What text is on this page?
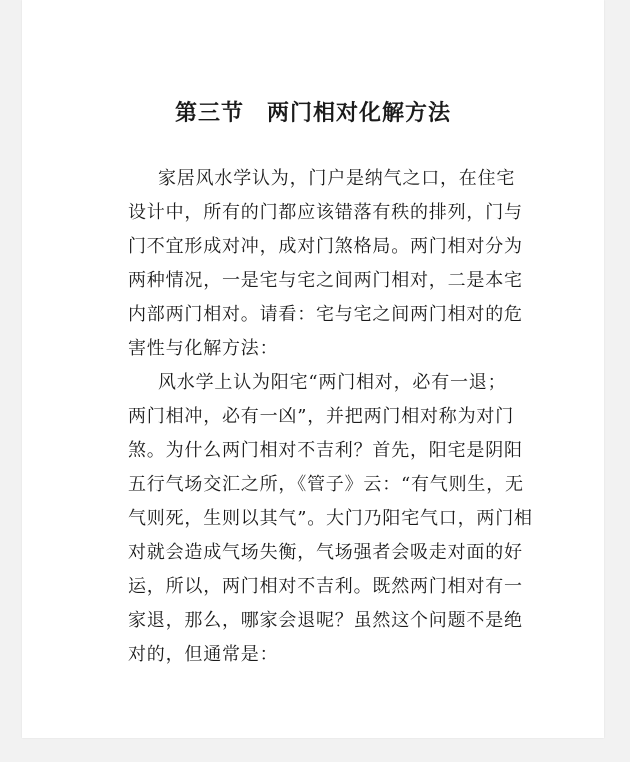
第三节　两门相对化解方法
家居风水学认为，门户是纳气之口，在住宅
设计中，所有的门都应该错落有秩的排列，门与
门不宜形成对冲，成对门煞格局。两门相对分为
两种情况，一是宅与宅之间两门相对，二是本宅
内部两门相对。请看：宅与宅之间两门相对的危
害性与化解方法：
风水学上认为阳宅“两门相对，必有一退；
两门相冲，必有一凶”，并把两门相对称为对门
煞。为什么两门相对不吉利？首先，阳宅是阴阳
五行气场交汇之所，《管子》云：“有气则生，无
气则死，生则以其气”。大门乃阳宅气口，两门相
对就会造成气场失衡，气场强者会吸走对面的好
运，所以，两门相对不吉利。既然两门相对有一
家退，那么，哪家会退呢？虽然这个问题不是绝
对的，但通常是：
